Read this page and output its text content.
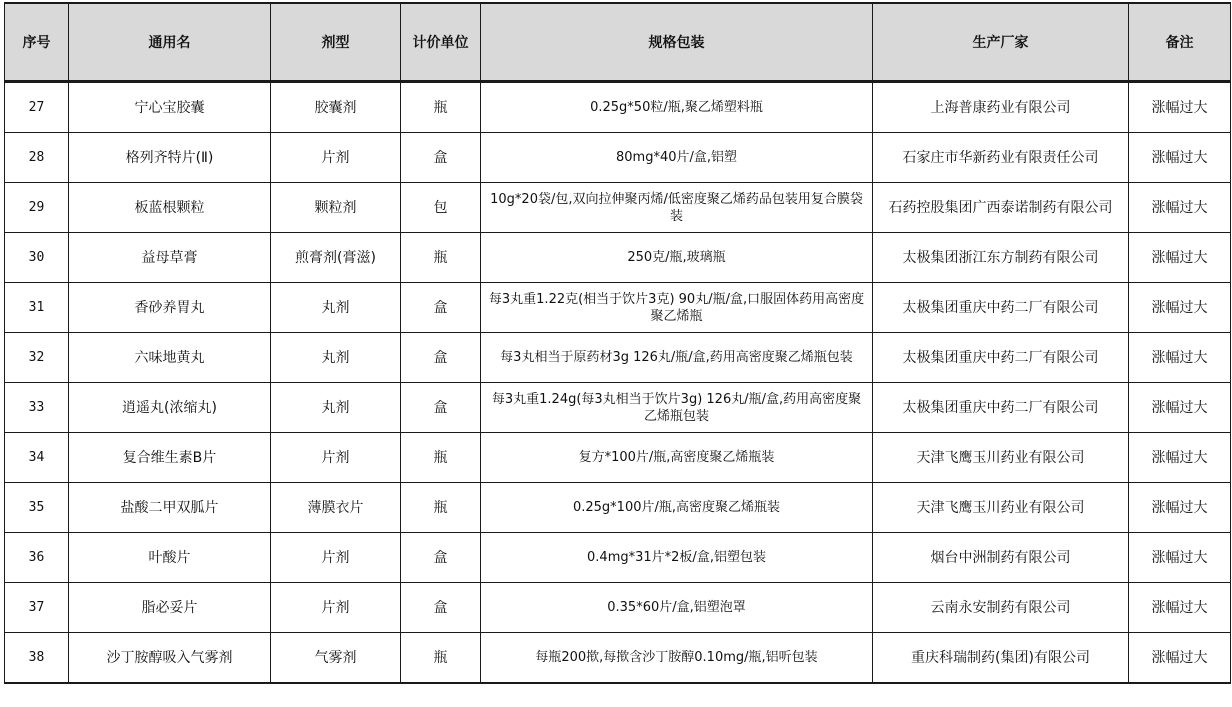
序号	通用名	剂型	计价单位	规格包装	生产厂家	备注
27	宁心宝胶囊	胶囊剂	瓶	0.25g*50粒/瓶,聚乙烯塑料瓶	上海普康药业有限公司	涨幅过大
28	格列齐特片(Ⅱ)	片剂	盒	80mg*40片/盒,铝塑	石家庄市华新药业有限责任公司	涨幅过大
29	板蓝根颗粒	颗粒剂	包	10g*20袋/包,双向拉伸聚丙烯/低密度聚乙烯药品包装用复合膜袋装	石药控股集团广西泰诺制药有限公司	涨幅过大
30	益母草膏	煎膏剂(膏滋)	瓶	250克/瓶,玻璃瓶	太极集团浙江东方制药有限公司	涨幅过大
31	香砂养胃丸	丸剂	盒	每3丸重1.22克(相当于饮片3克) 90丸/瓶/盒,口服固体药用高密度聚乙烯瓶	太极集团重庆中药二厂有限公司	涨幅过大
32	六味地黄丸	丸剂	盒	每3丸相当于原药材3g 126丸/瓶/盒,药用高密度聚乙烯瓶包装	太极集团重庆中药二厂有限公司	涨幅过大
33	逍遥丸(浓缩丸)	丸剂	盒	每3丸重1.24g(每3丸相当于饮片3g) 126丸/瓶/盒,药用高密度聚乙烯瓶包装	太极集团重庆中药二厂有限公司	涨幅过大
34	复合维生素B片	片剂	瓶	复方*100片/瓶,高密度聚乙烯瓶装	天津飞鹰玉川药业有限公司	涨幅过大
35	盐酸二甲双胍片	薄膜衣片	瓶	0.25g*100片/瓶,高密度聚乙烯瓶装	天津飞鹰玉川药业有限公司	涨幅过大
36	叶酸片	片剂	盒	0.4mg*31片*2板/盒,铝塑包装	烟台中洲制药有限公司	涨幅过大
37	脂必妥片	片剂	盒	0.35*60片/盒,铝塑泡罩	云南永安制药有限公司	涨幅过大
38	沙丁胺醇吸入气雾剂	气雾剂	瓶	每瓶200揿,每揿含沙丁胺醇0.10mg/瓶,铝听包装	重庆科瑞制药(集团)有限公司	涨幅过大
